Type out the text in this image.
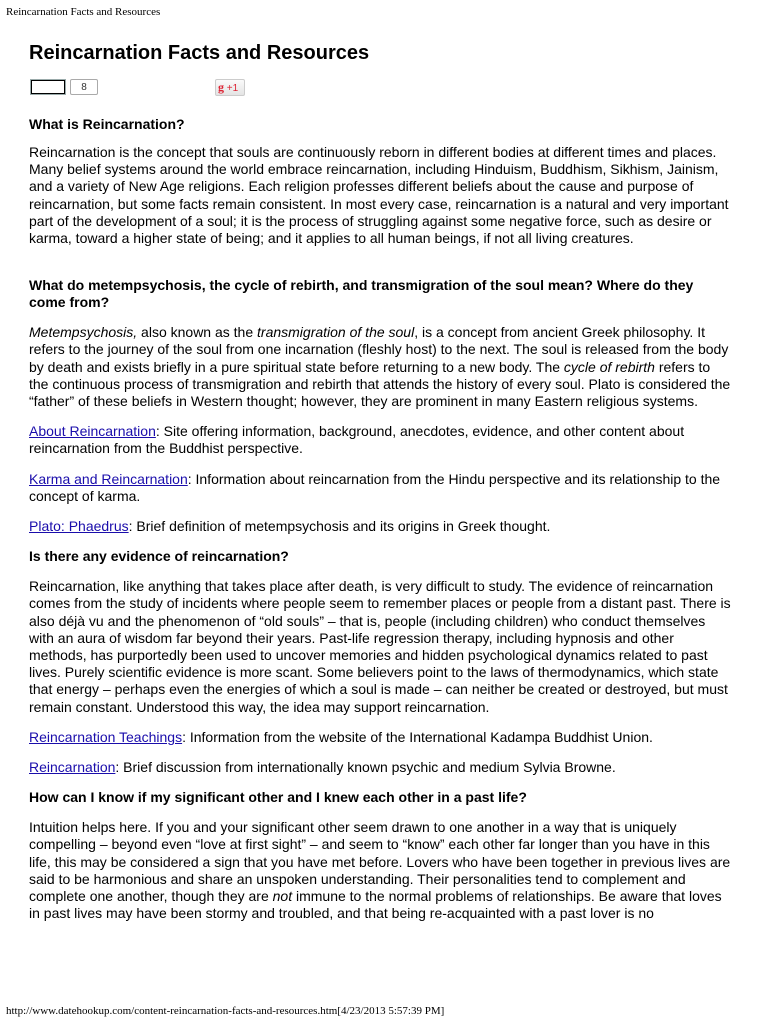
Reincarnation Facts and Resources
Reincarnation Facts and Resources
8	g +1
What is Reincarnation?

Reincarnation is the concept that souls are continuously reborn in different bodies at different times and places. Many belief systems around the world embrace reincarnation, including Hinduism, Buddhism, Sikhism, Jainism, and a variety of New Age religions. Each religion professes different beliefs about the cause and purpose of reincarnation, but some facts remain consistent. In most every case, reincarnation is a natural and very important part of the development of a soul; it is the process of struggling against some negative force, such as desire or karma, toward a higher state of being; and it applies to all human beings, if not all living creatures.

What do metempsychosis, the cycle of rebirth, and transmigration of the soul mean? Where do they come from?

Metempsychosis, also known as the transmigration of the soul, is a concept from ancient Greek philosophy. It refers to the journey of the soul from one incarnation (fleshly host) to the next. The soul is released from the body by death and exists briefly in a pure spiritual state before returning to a new body. The cycle of rebirth refers to the continuous process of transmigration and rebirth that attends the history of every soul. Plato is considered the “father” of these beliefs in Western thought; however, they are prominent in many Eastern religious systems.

About Reincarnation: Site offering information, background, anecdotes, evidence, and other content about reincarnation from the Buddhist perspective.

Karma and Reincarnation: Information about reincarnation from the Hindu perspective and its relationship to the concept of karma.

Plato: Phaedrus: Brief definition of metempsychosis and its origins in Greek thought.

Is there any evidence of reincarnation?

Reincarnation, like anything that takes place after death, is very difficult to study. The evidence of reincarnation comes from the study of incidents where people seem to remember places or people from a distant past. There is also déjà vu and the phenomenon of “old souls” – that is, people (including children) who conduct themselves with an aura of wisdom far beyond their years. Past-life regression therapy, including hypnosis and other methods, has purportedly been used to uncover memories and hidden psychological dynamics related to past lives. Purely scientific evidence is more scant. Some believers point to the laws of thermodynamics, which state that energy – perhaps even the energies of which a soul is made – can neither be created or destroyed, but must remain constant. Understood this way, the idea may support reincarnation.

Reincarnation Teachings: Information from the website of the International Kadampa Buddhist Union.

Reincarnation: Brief discussion from internationally known psychic and medium Sylvia Browne.

How can I know if my significant other and I knew each other in a past life?

Intuition helps here. If you and your significant other seem drawn to one another in a way that is uniquely compelling – beyond even “love at first sight” – and seem to “know” each other far longer than you have in this life, this may be considered a sign that you have met before. Lovers who have been together in previous lives are said to be harmonious and share an unspoken understanding. Their personalities tend to complement and complete one another, though they are not immune to the normal problems of relationships. Be aware that loves in past lives may have been stormy and troubled, and that being re-acquainted with a past lover is no

http://www.datehookup.com/content-reincarnation-facts-and-resources.htm[4/23/2013 5:57:39 PM]
